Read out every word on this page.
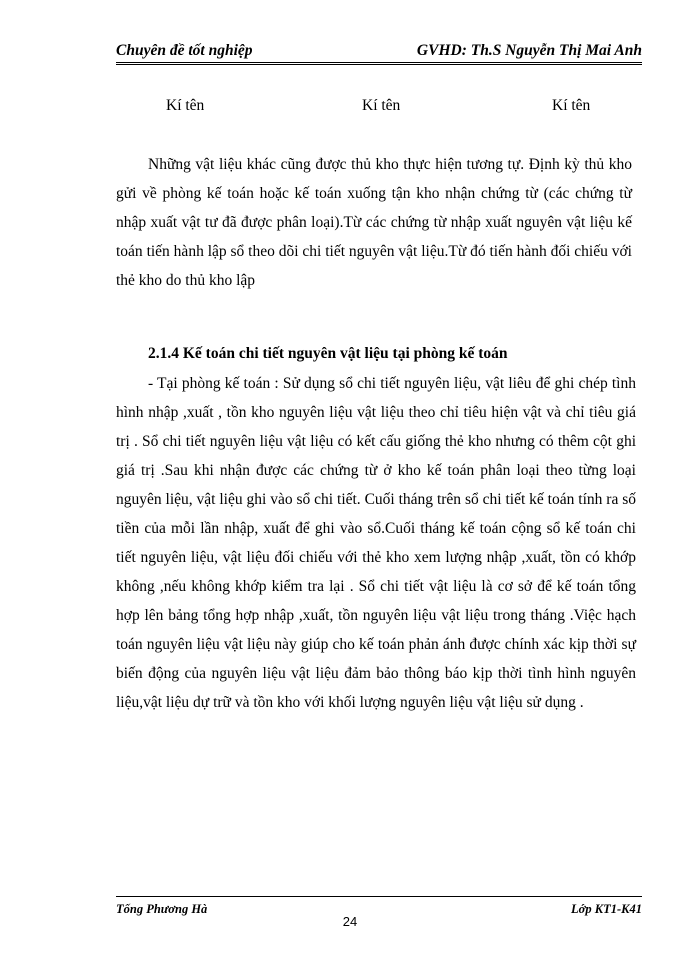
Chuyên đề tốt nghiệp	GVHD: Th.S Nguyễn Thị Mai Anh
Kí tên	Kí tên	Kí tên

Những vật liệu khác cũng được thủ kho thực hiện tương tự. Định kỳ thủ kho gửi về phòng kế toán hoặc kế toán xuống tận kho nhận chứng từ (các chứng từ nhập xuất vật tư đã được phân loại).Từ các chứng từ nhập xuất nguyên vật liệu kế toán tiến hành lập sổ theo dõi chi tiết nguyên vật liệu.Từ đó tiến hành đối chiếu với thẻ kho do thủ kho lập

2.1.4 Kế toán chi tiết nguyên vật liệu tại phòng kế toán

- Tại phòng kế toán : Sử dụng sổ chi tiết nguyên liệu, vật liêu để ghi chép tình hình nhập ,xuất , tồn kho nguyên liệu vật liệu theo chỉ tiêu hiện vật và chỉ tiêu giá trị . Sổ chi tiết nguyên liệu vật liệu có kết cấu giống thẻ kho nhưng có thêm cột ghi giá trị .Sau khi nhận được các chứng từ ở kho kế toán phân loại theo từng loại nguyên liệu, vật liệu ghi vào sổ chi tiết. Cuối tháng trên sổ chi tiết kế toán tính ra số tiền của mỗi lần nhập, xuất để ghi vào sổ.Cuối tháng kế toán cộng sổ kế toán chi tiết nguyên liệu, vật liệu đối chiếu với thẻ kho xem lượng nhập ,xuất, tồn có khớp không ,nếu không khớp kiểm tra lại . Sổ chi tiết vật liệu là cơ sở để kế toán tổng hợp lên bảng tổng hợp nhập ,xuất, tồn nguyên liệu vật liệu trong tháng .Việc hạch toán nguyên liệu vật liệu này giúp cho kế toán phản ánh được chính xác kịp thời sự biến động của nguyên liệu vật liệu đảm bảo thông báo kịp thời tình hình nguyên liệu,vật liệu dự trữ và tồn kho với khối lượng nguyên liệu vật liệu sử dụng .

Tống Phương Hà	Lớp KT1-K41
24
